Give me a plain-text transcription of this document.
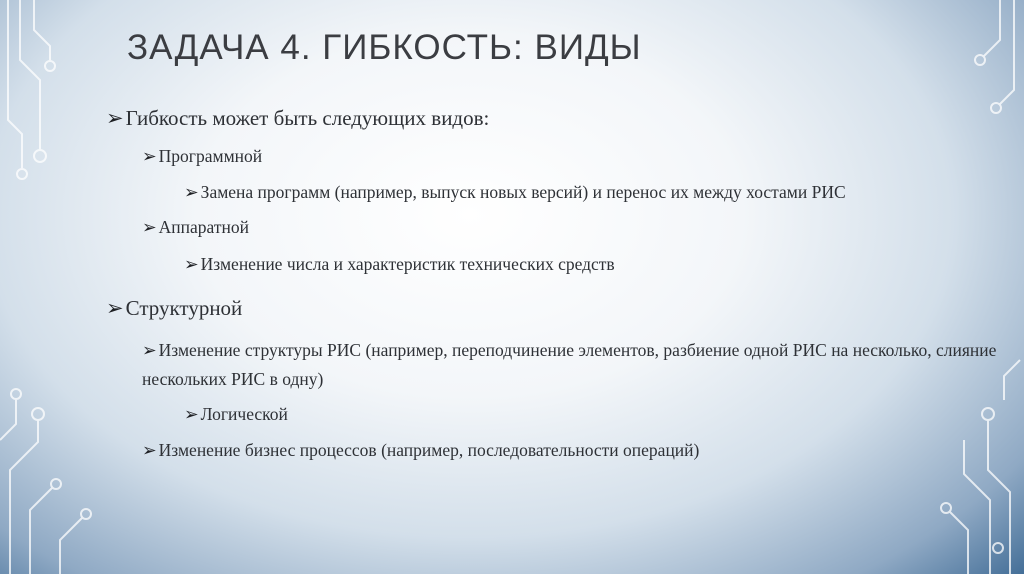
ЗАДАЧА 4. ГИБКОСТЬ: ВИДЫ
➢Гибкость может быть следующих видов:
➢ Программной
➢ Замена программ (например, выпуск новых версий) и перенос их между хостами РИС
➢ Аппаратной
➢ Изменение числа и характеристик технических средств
➢Структурной
➢ Изменение структуры РИС (например, переподчинение элементов, разбиение одной РИС на несколько, слияние нескольких РИС в одну)
➢ Логической
➢ Изменение бизнес процессов (например, последовательности операций)
